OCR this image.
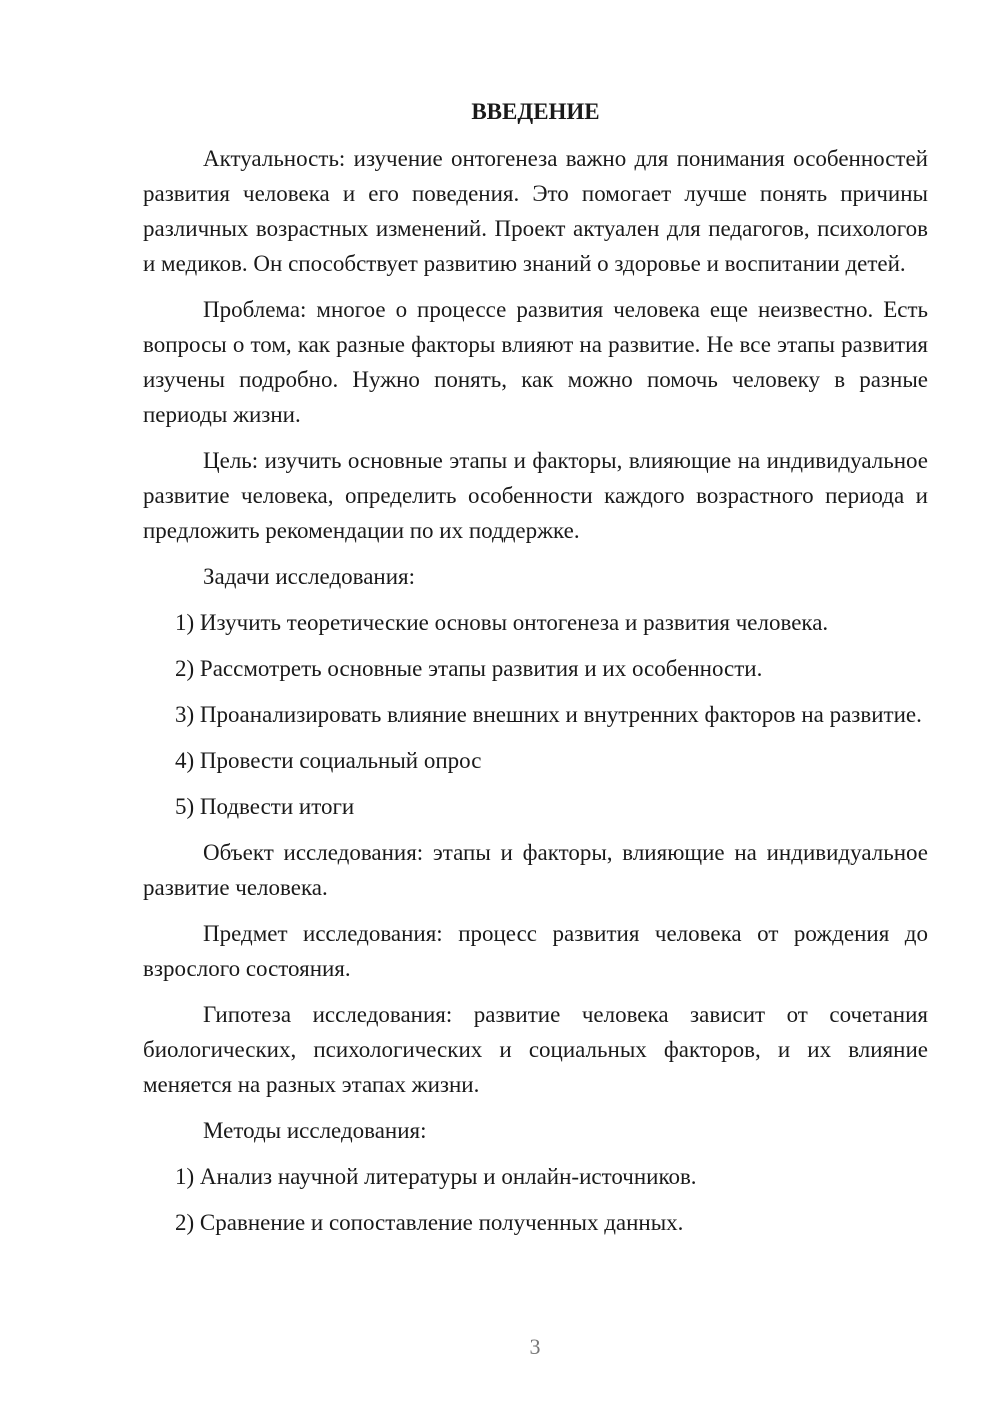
ВВЕДЕНИЕ

Актуальность: изучение онтогенеза важно для понимания особенностей развития человека и его поведения. Это помогает лучше понять причины различных возрастных изменений. Проект актуален для педагогов, психологов и медиков. Он способствует развитию знаний о здоровье и воспитании детей.

Проблема: многое о процессе развития человека еще неизвестно. Есть вопросы о том, как разные факторы влияют на развитие. Не все этапы развития изучены подробно. Нужно понять, как можно помочь человеку в разные периоды жизни.

Цель: изучить основные этапы и факторы, влияющие на индивидуальное развитие человека, определить особенности каждого возрастного периода и предложить рекомендации по их поддержке.

Задачи исследования:

1) Изучить теоретические основы онтогенеза и развития человека.

2) Рассмотреть основные этапы развития и их особенности.

3) Проанализировать влияние внешних и внутренних факторов на развитие.

4) Провести социальный опрос

5) Подвести итоги

Объект исследования: этапы и факторы, влияющие на индивидуальное развитие человека.

Предмет исследования: процесс развития человека от рождения до взрослого состояния.

Гипотеза исследования: развитие человека зависит от сочетания биологических, психологических и социальных факторов, и их влияние меняется на разных этапах жизни.

Методы исследования:

1) Анализ научной литературы и онлайн-источников.

2) Сравнение и сопоставление полученных данных.

3
